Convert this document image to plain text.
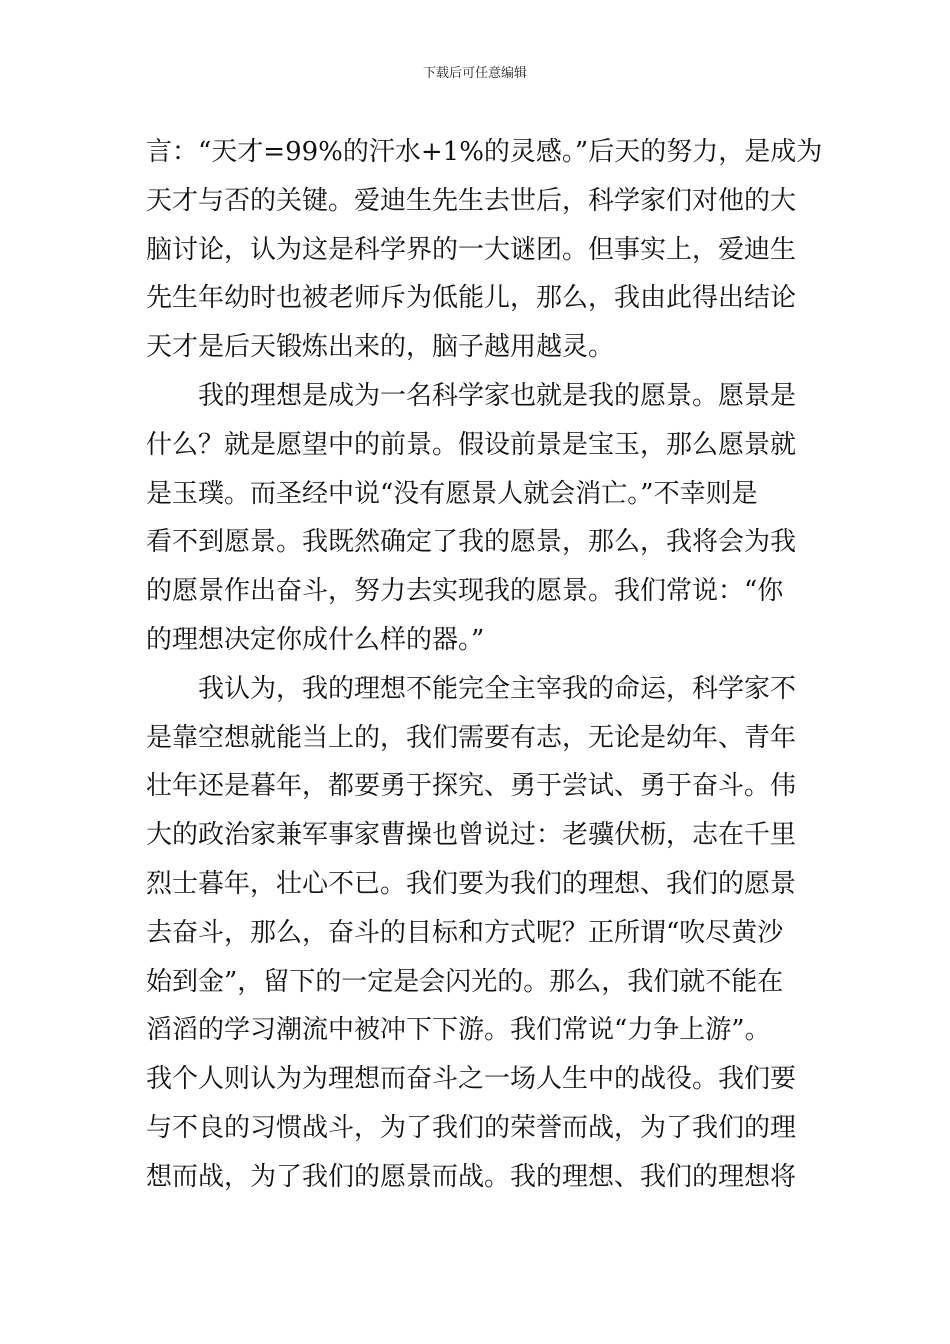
下载后可任意编辑
言：“天才=99%的汗水+1%的灵感。”后天的努力，是成为
天才与否的关键。爱迪生先生去世后，科学家们对他的大
脑讨论，认为这是科学界的一大谜团。但事实上，爱迪生
先生年幼时也被老师斥为低能儿，那么，我由此得出结论
天才是后天锻炼出来的，脑子越用越灵。
我的理想是成为一名科学家也就是我的愿景。愿景是
什么？就是愿望中的前景。假设前景是宝玉，那么愿景就
是玉璞。而圣经中说“没有愿景人就会消亡。”不幸则是
看不到愿景。我既然确定了我的愿景，那么，我将会为我
的愿景作出奋斗，努力去实现我的愿景。我们常说：“你
的理想决定你成什么样的器。”
我认为，我的理想不能完全主宰我的命运，科学家不
是靠空想就能当上的，我们需要有志，无论是幼年、青年
壮年还是暮年，都要勇于探究、勇于尝试、勇于奋斗。伟
大的政治家兼军事家曹操也曾说过：老骥伏枥，志在千里
烈士暮年，壮心不已。我们要为我们的理想、我们的愿景
去奋斗，那么，奋斗的目标和方式呢？正所谓“吹尽黄沙
始到金”，留下的一定是会闪光的。那么，我们就不能在
滔滔的学习潮流中被冲下下游。我们常说“力争上游”。
我个人则认为为理想而奋斗之一场人生中的战役。我们要
与不良的习惯战斗，为了我们的荣誉而战，为了我们的理
想而战，为了我们的愿景而战。我的理想、我们的理想将
